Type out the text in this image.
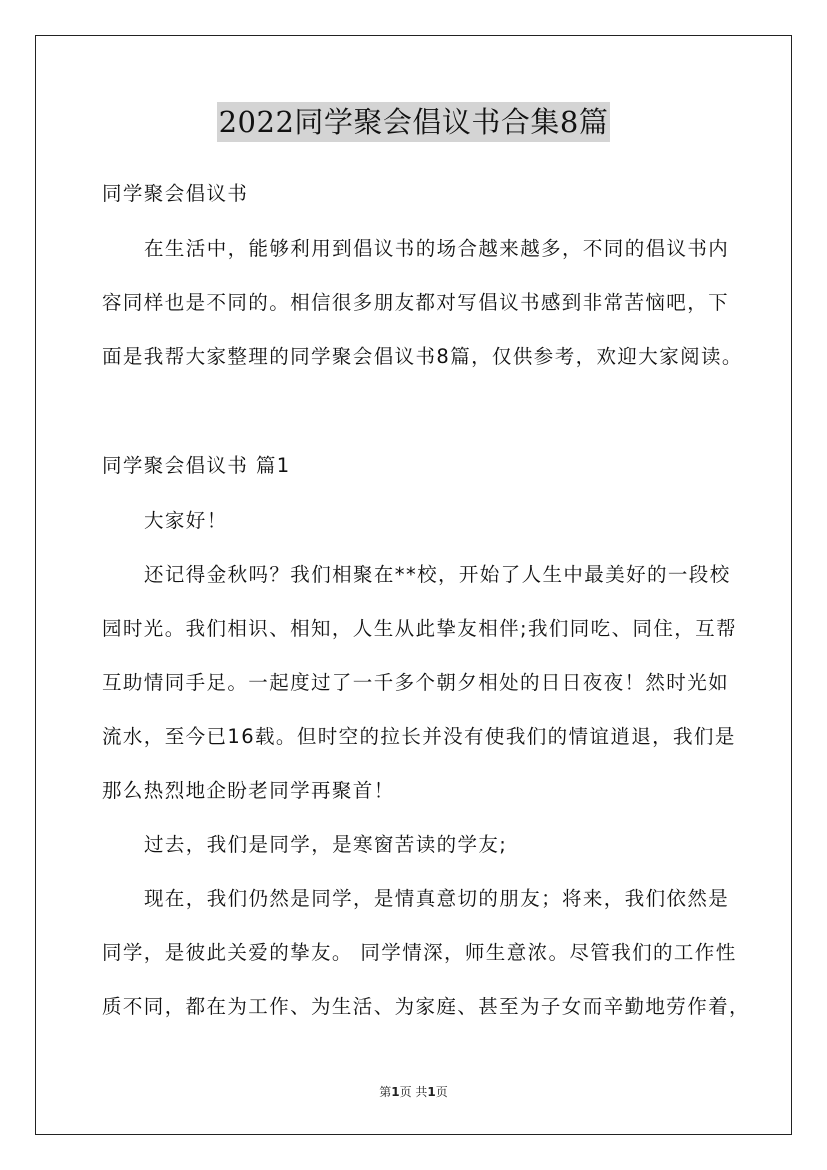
2022同学聚会倡议书合集8篇
同学聚会倡议书
在生活中，能够利用到倡议书的场合越来越多，不同的倡议书内
容同样也是不同的。相信很多朋友都对写倡议书感到非常苦恼吧，下
面是我帮大家整理的同学聚会倡议书8篇，仅供参考，欢迎大家阅读。
同学聚会倡议书 篇1
大家好！
还记得金秋吗？我们相聚在**校，开始了人生中最美好的一段校
园时光。我们相识、相知，人生从此挚友相伴;我们同吃、同住，互帮
互助情同手足。一起度过了一千多个朝夕相处的日日夜夜！然时光如
流水，至今已16载。但时空的拉长并没有使我们的情谊逍退，我们是
那么热烈地企盼老同学再聚首！
过去，我们是同学，是寒窗苦读的学友;
现在，我们仍然是同学，是情真意切的朋友；将来，我们依然是
同学，是彼此关爱的挚友。 同学情深，师生意浓。尽管我们的工作性
质不同，都在为工作、为生活、为家庭、甚至为子女而辛勤地劳作着，
第1页 共1页
